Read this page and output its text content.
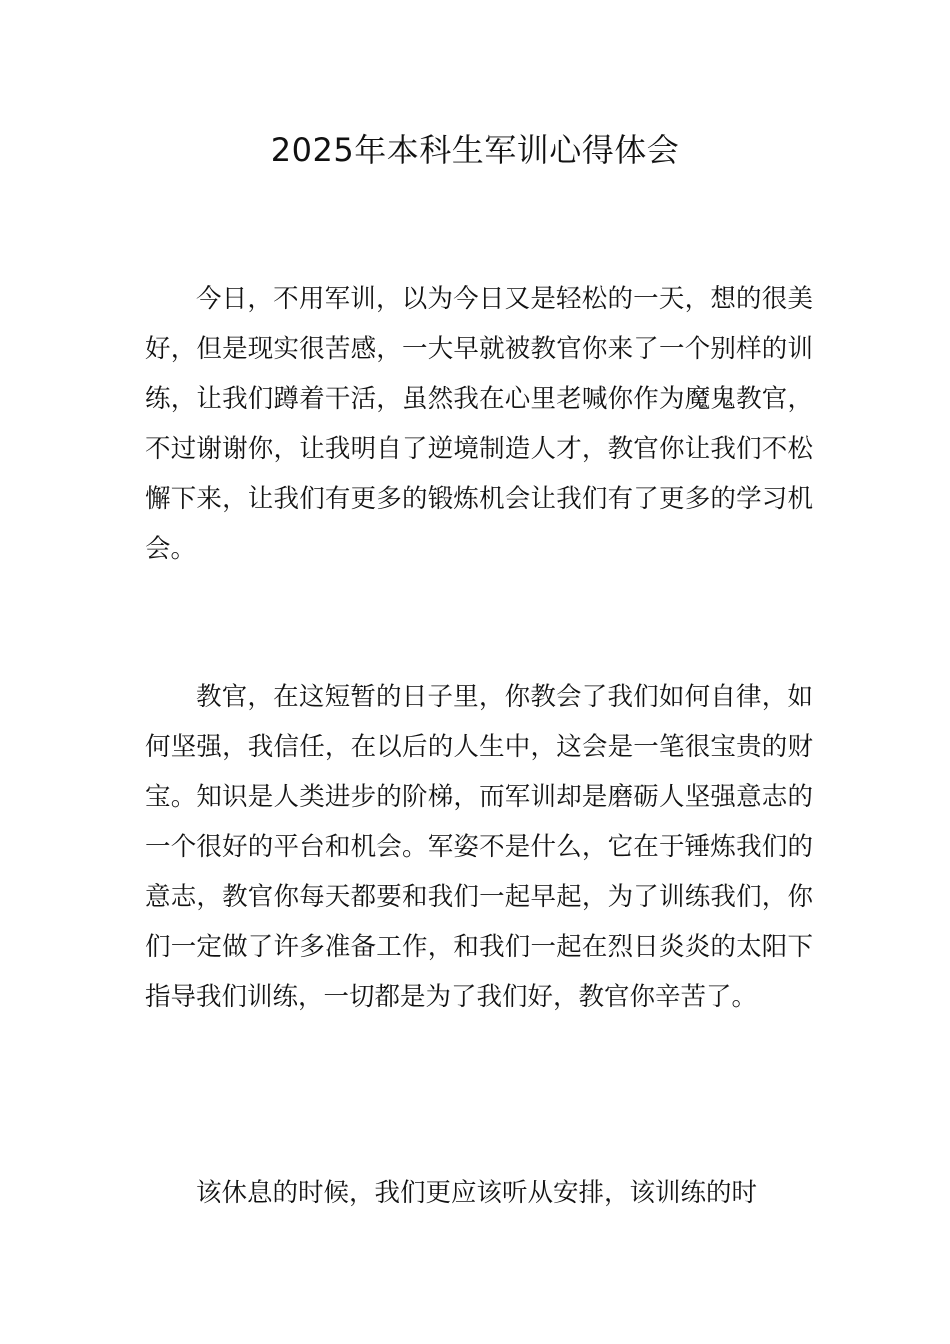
2025年本科生军训心得体会

今日，不用军训，以为今日又是轻松的一天，想的很美好，但是现实很苦感，一大早就被教官你来了一个别样的训练，让我们蹲着干活，虽然我在心里老喊你作为魔鬼教官，不过谢谢你，让我明自了逆境制造人才，教官你让我们不松懈下来，让我们有更多的锻炼机会让我们有了更多的学习机会。

教官，在这短暂的日子里，你教会了我们如何自律，如何坚强，我信任，在以后的人生中，这会是一笔很宝贵的财宝。知识是人类进步的阶梯，而军训却是磨砺人坚强意志的一个很好的平台和机会。军姿不是什么，它在于锤炼我们的意志，教官你每天都要和我们一起早起，为了训练我们，你们一定做了许多准备工作，和我们一起在烈日炎炎的太阳下指导我们训练，一切都是为了我们好，教官你辛苦了。

该休息的时候，我们更应该听从安排，该训练的时
